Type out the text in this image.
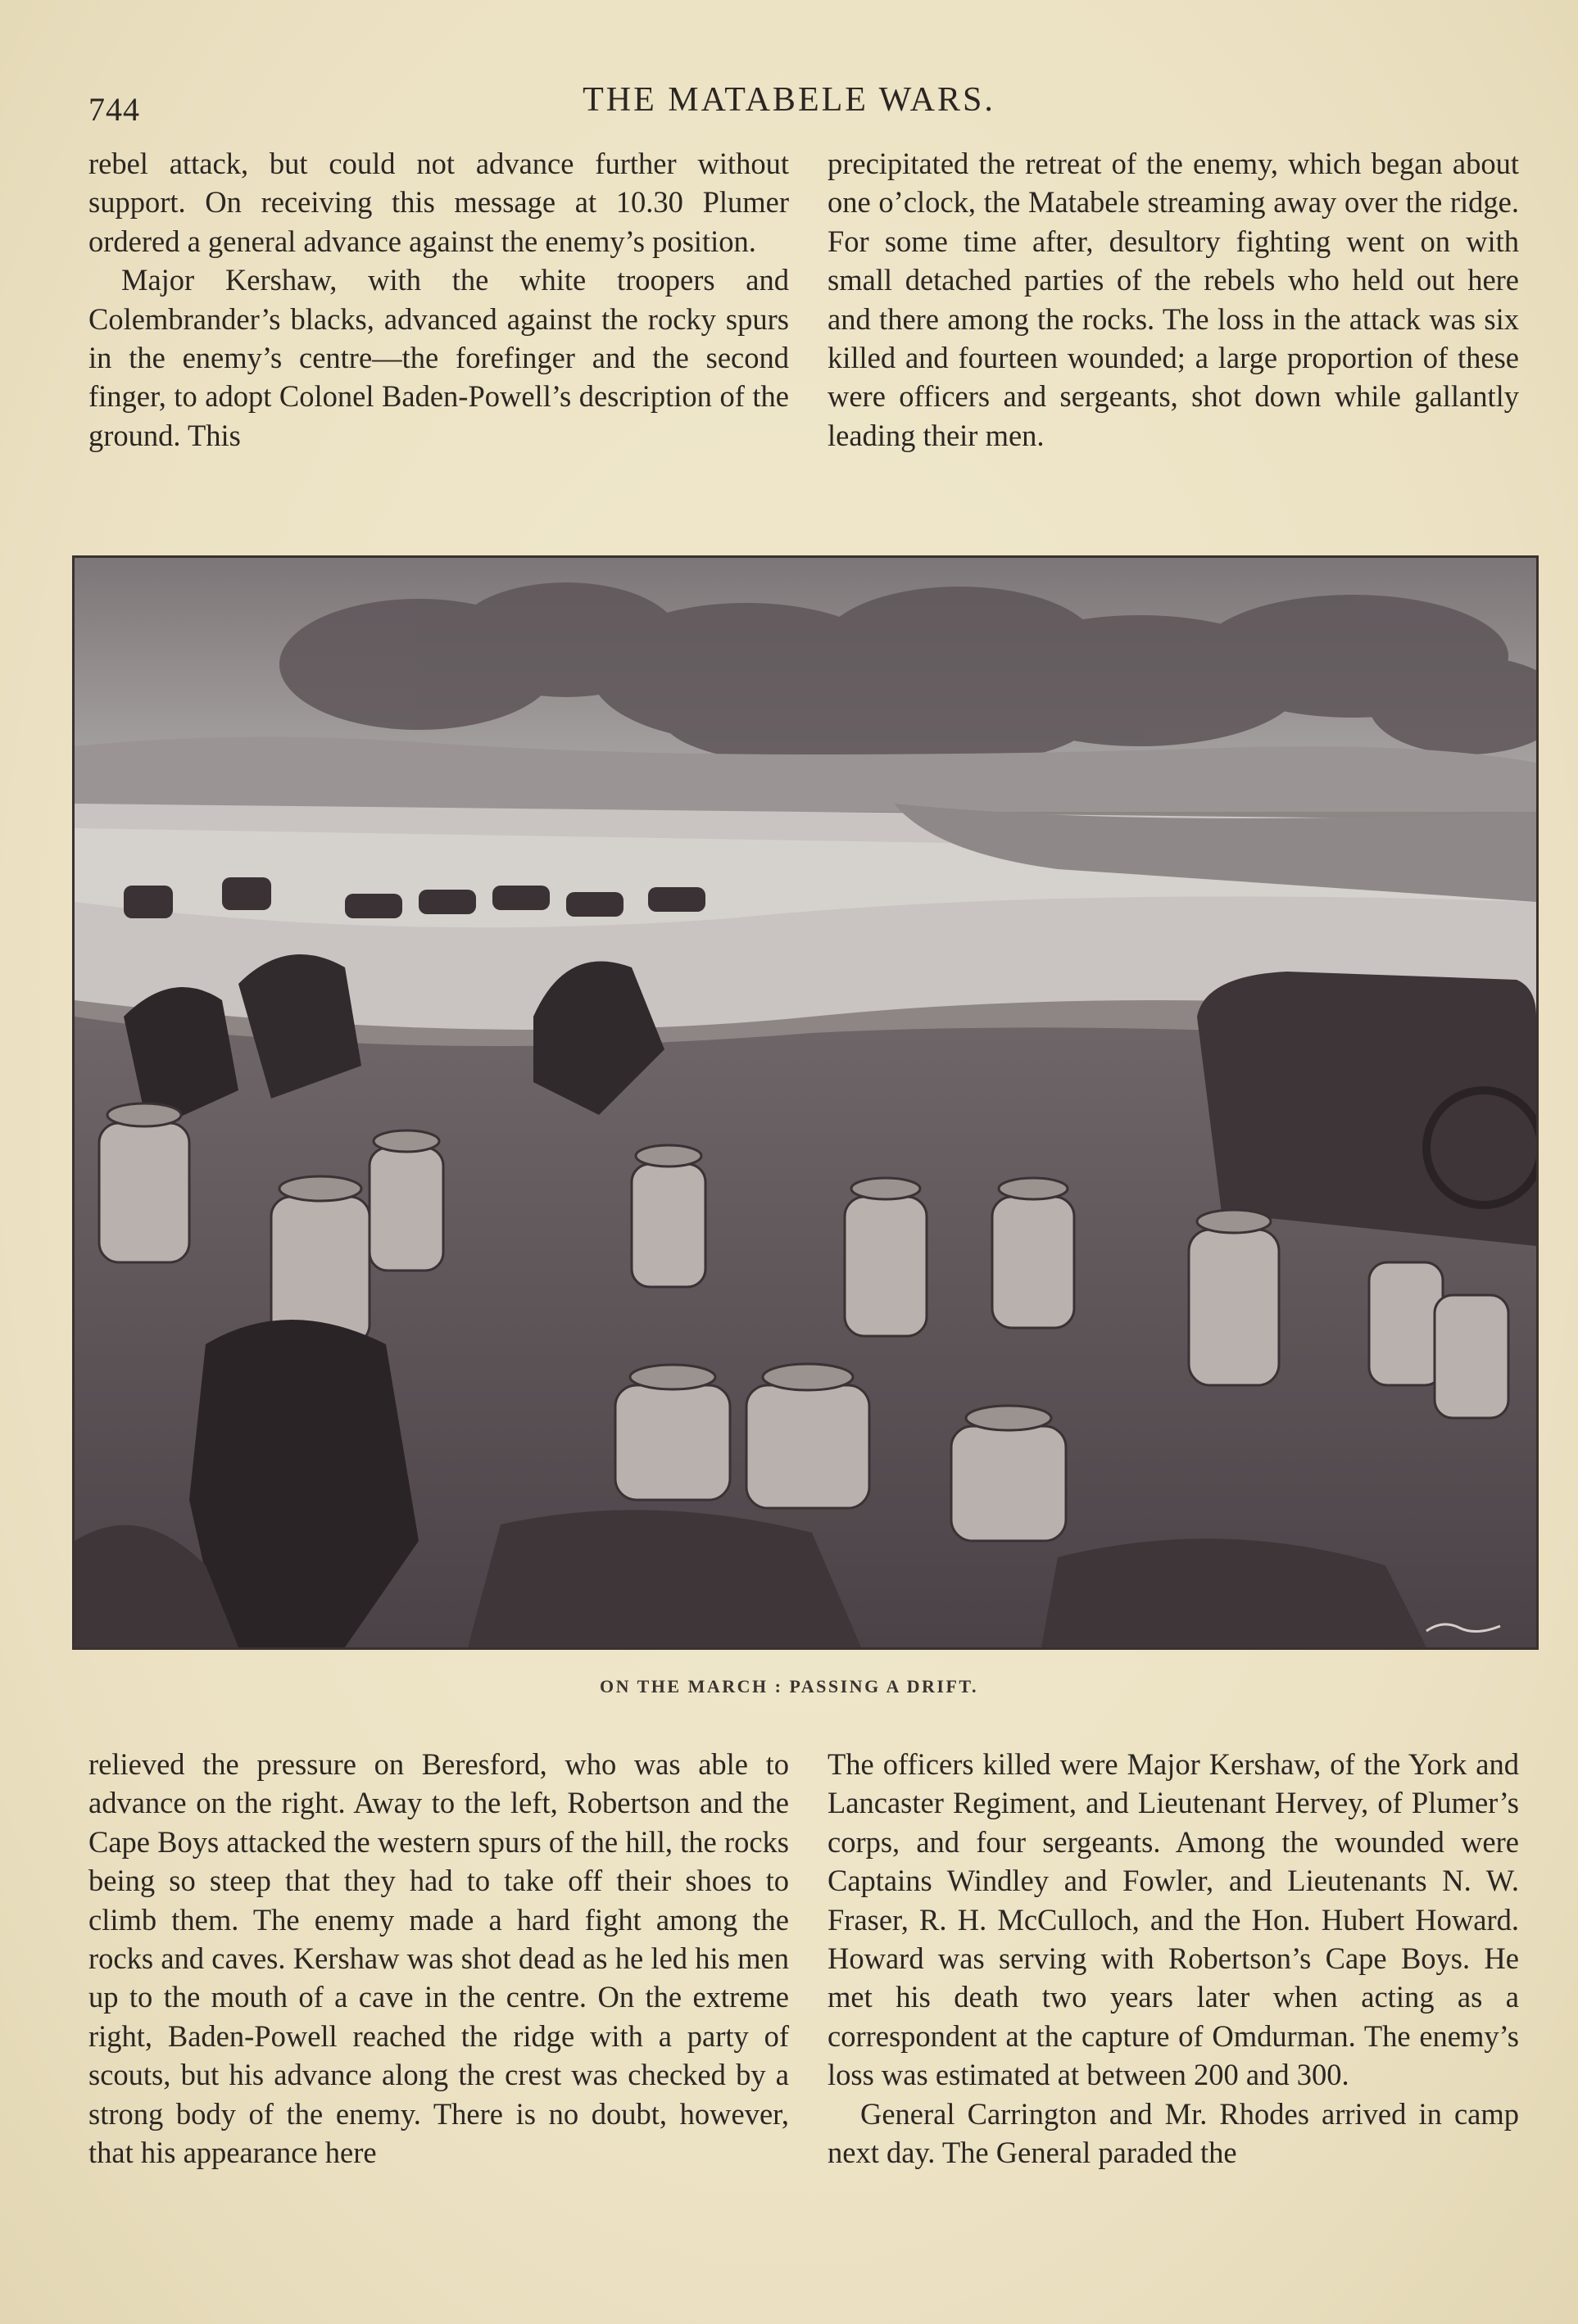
744	THE MATABELE WARS.

rebel attack, but could not advance further without support. On receiving this message at 10.30 Plumer ordered a general advance against the enemy’s position.

Major Kershaw, with the white troopers and Colembrander’s blacks, advanced against the rocky spurs in the enemy’s centre—the forefinger and the second finger, to adopt Colonel Baden-Powell’s description of the ground. This

precipitated the retreat of the enemy, which began about one o’clock, the Matabele streaming away over the ridge. For some time after, desultory fighting went on with small detached parties of the rebels who held out here and there among the rocks. The loss in the attack was six killed and fourteen wounded; a large proportion of these were officers and sergeants, shot down while gallantly leading their men.

ON THE MARCH : PASSING A DRIFT.

relieved the pressure on Beresford, who was able to advance on the right. Away to the left, Robertson and the Cape Boys attacked the western spurs of the hill, the rocks being so steep that they had to take off their shoes to climb them. The enemy made a hard fight among the rocks and caves. Kershaw was shot dead as he led his men up to the mouth of a cave in the centre. On the extreme right, Baden-Powell reached the ridge with a party of scouts, but his advance along the crest was checked by a strong body of the enemy. There is no doubt, however, that his appearance here

The officers killed were Major Kershaw, of the York and Lancaster Regiment, and Lieutenant Hervey, of Plumer’s corps, and four sergeants. Among the wounded were Captains Windley and Fowler, and Lieutenants N. W. Fraser, R. H. McCulloch, and the Hon. Hubert Howard. Howard was serving with Robertson’s Cape Boys. He met his death two years later when acting as a correspondent at the capture of Omdurman. The enemy’s loss was estimated at between 200 and 300.

General Carrington and Mr. Rhodes arrived in camp next day. The General paraded the
